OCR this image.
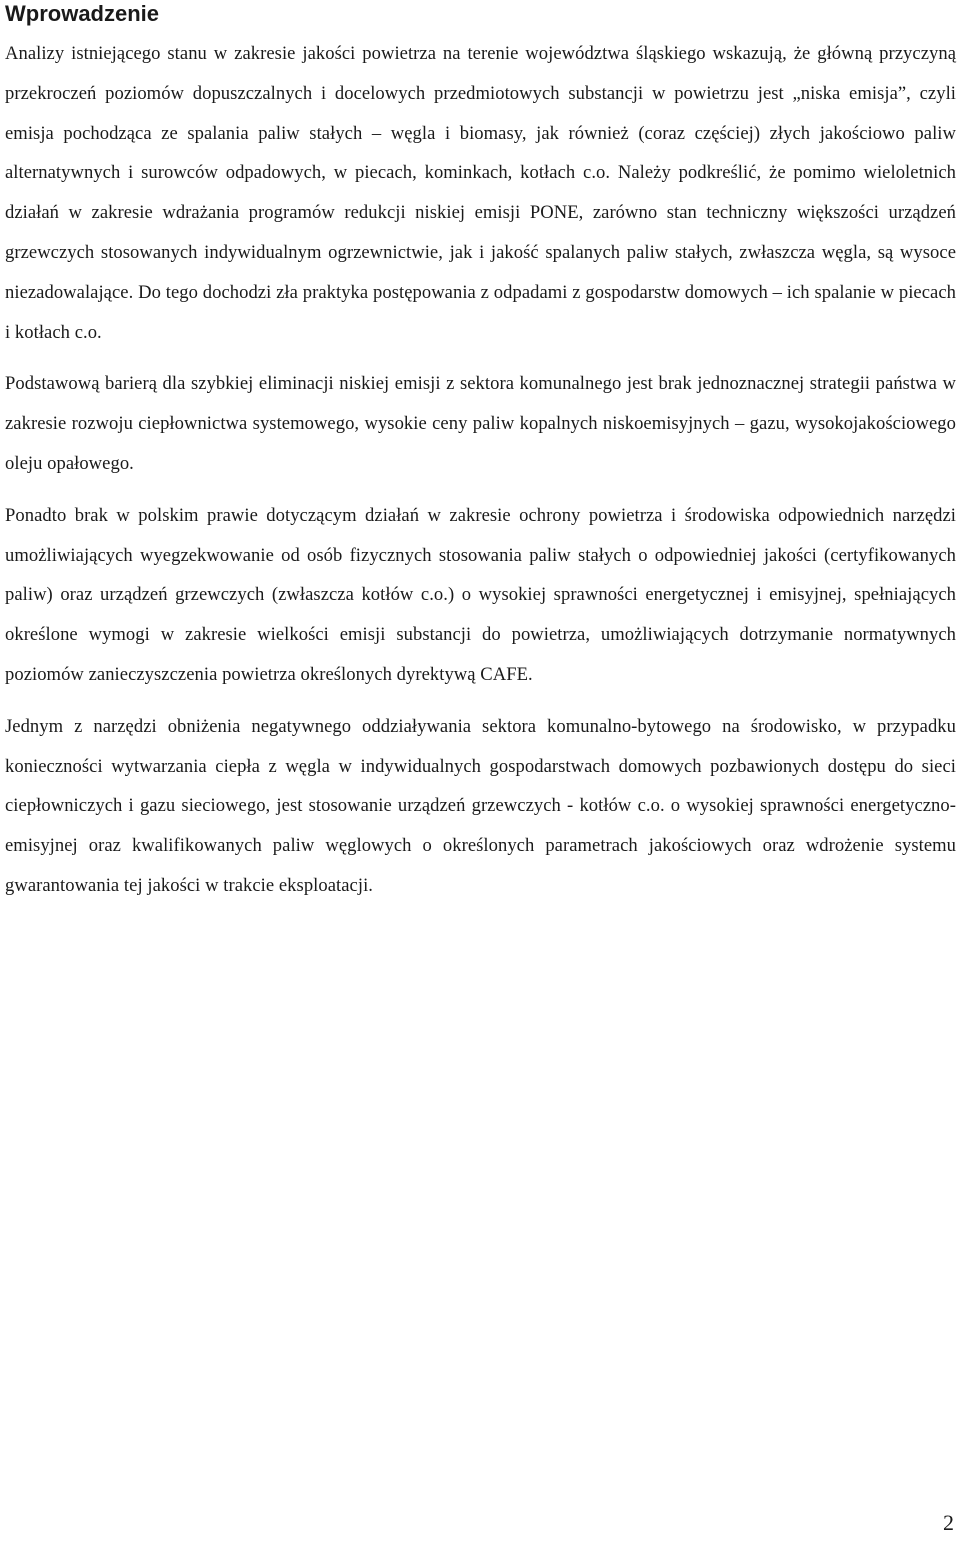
Wprowadzenie

Analizy istniejącego stanu w zakresie jakości powietrza na terenie województwa śląskiego wskazują, że główną przyczyną przekroczeń poziomów dopuszczalnych i docelowych przedmiotowych substancji w powietrzu jest „niska emisja”, czyli emisja pochodząca ze spalania paliw stałych – węgla i biomasy, jak również (coraz częściej) złych jakościowo paliw alternatywnych i surowców odpadowych, w piecach, kominkach, kotłach c.o. Należy podkreślić, że pomimo wieloletnich działań w zakresie wdrażania programów redukcji niskiej emisji PONE, zarówno stan techniczny większości urządzeń grzewczych stosowanych indywidualnym ogrzewnictwie, jak i jakość spalanych paliw stałych, zwłaszcza węgla, są wysoce niezadowalające. Do tego dochodzi zła praktyka postępowania z odpadami z gospodarstw domowych – ich spalanie w piecach i kotłach c.o.

Podstawową barierą dla szybkiej eliminacji niskiej emisji z sektora komunalnego jest brak jednoznacznej strategii państwa w zakresie rozwoju ciepłownictwa systemowego, wysokie ceny paliw kopalnych niskoemisyjnych – gazu, wysokojakościowego oleju opałowego.

Ponadto brak w polskim prawie dotyczącym działań w zakresie ochrony powietrza i środowiska odpowiednich narzędzi umożliwiających wyegzekwowanie od osób fizycznych stosowania paliw stałych o odpowiedniej jakości (certyfikowanych paliw) oraz urządzeń grzewczych (zwłaszcza kotłów c.o.) o wysokiej sprawności energetycznej i emisyjnej, spełniających określone wymogi w zakresie wielkości emisji substancji do powietrza, umożliwiających dotrzymanie normatywnych poziomów zanieczyszczenia powietrza określonych dyrektywą CAFE.

Jednym z narzędzi obniżenia negatywnego oddziaływania sektora komunalno-bytowego na środowisko, w przypadku konieczności wytwarzania ciepła z węgla w indywidualnych gospodarstwach domowych pozbawionych dostępu do sieci ciepłowniczych i gazu sieciowego, jest stosowanie urządzeń grzewczych - kotłów c.o. o wysokiej sprawności energetyczno-emisyjnej oraz kwalifikowanych paliw węglowych o określonych parametrach jakościowych oraz wdrożenie systemu gwarantowania tej jakości w trakcie eksploatacji.

2
